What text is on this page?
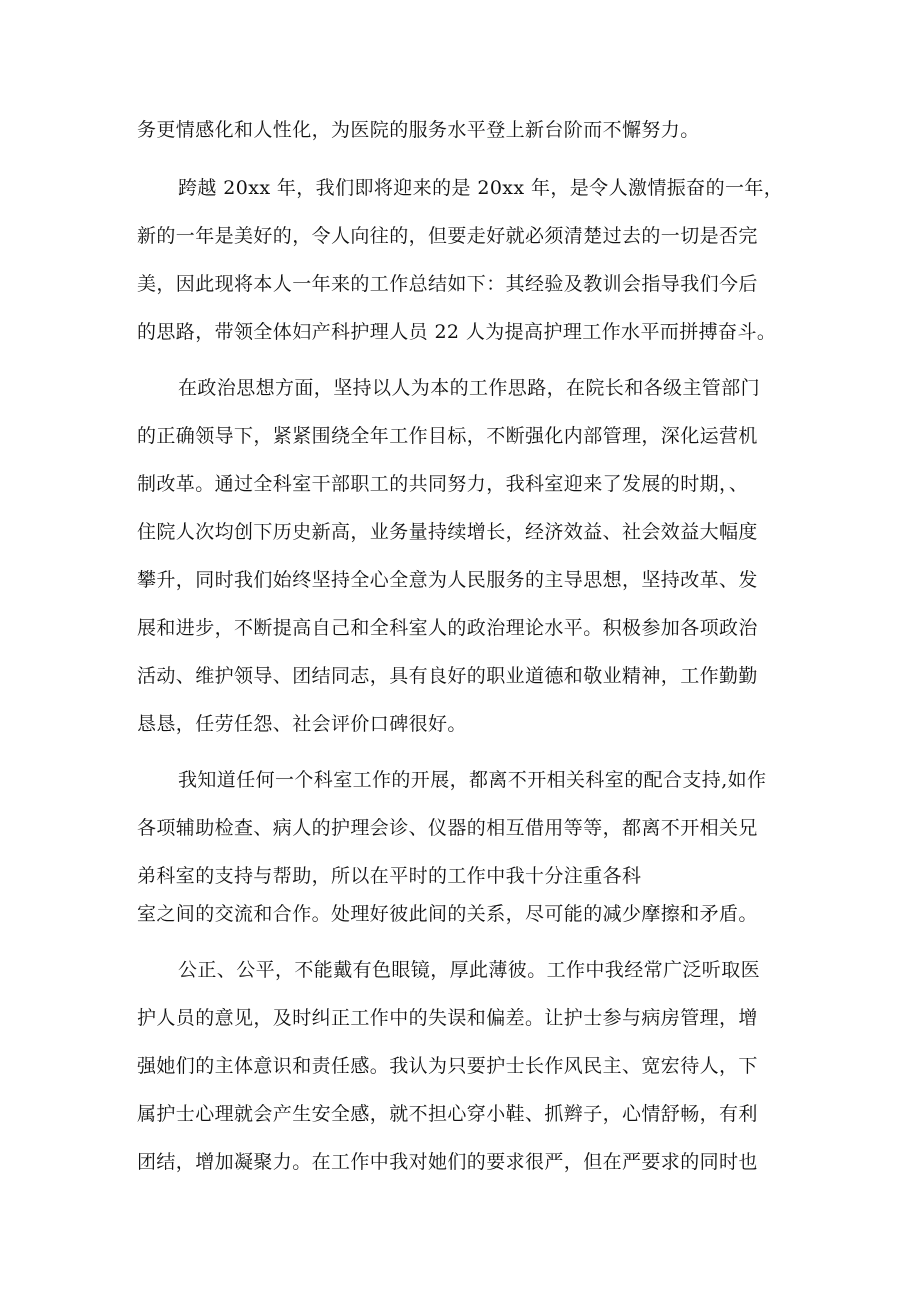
务更情感化和人性化，为医院的服务水平登上新台阶而不懈努力。

跨越 20xx 年，我们即将迎来的是 20xx 年，是令人激情振奋的一年，

新的一年是美好的，令人向往的，但要走好就必须清楚过去的一切是否完

美，因此现将本人一年来的工作总结如下：其经验及教训会指导我们今后

的思路，带领全体妇产科护理人员 22 人为提高护理工作水平而拼搏奋斗。

在政治思想方面，坚持以人为本的工作思路，在院长和各级主管部门

的正确领导下，紧紧围绕全年工作目标，不断强化内部管理，深化运营机

制改革。通过全科室干部职工的共同努力，我科室迎来了发展的时期，、

住院人次均创下历史新高，业务量持续增长，经济效益、社会效益大幅度

攀升，同时我们始终坚持全心全意为人民服务的主导思想，坚持改革、发

展和进步，不断提高自己和全科室人的政治理论水平。积极参加各项政治

活动、维护领导、团结同志，具有良好的职业道德和敬业精神，工作勤勤

恳恳，任劳任怨、社会评价口碑很好。

我知道任何一个科室工作的开展，都离不开相关科室的配合支持,如作

各项辅助检查、病人的护理会诊、仪器的相互借用等等，都离不开相关兄

弟科室的支持与帮助，所以在平时的工作中我十分注重各科

室之间的交流和合作。处理好彼此间的关系，尽可能的减少摩擦和矛盾。

公正、公平，不能戴有色眼镜，厚此薄彼。工作中我经常广泛听取医

护人员的意见，及时纠正工作中的失误和偏差。让护士参与病房管理，增

强她们的主体意识和责任感。我认为只要护士长作风民主、宽宏待人，下

属护士心理就会产生安全感，就不担心穿小鞋、抓辫子，心情舒畅，有利

团结，增加凝聚力。在工作中我对她们的要求很严，但在严要求的同时也
